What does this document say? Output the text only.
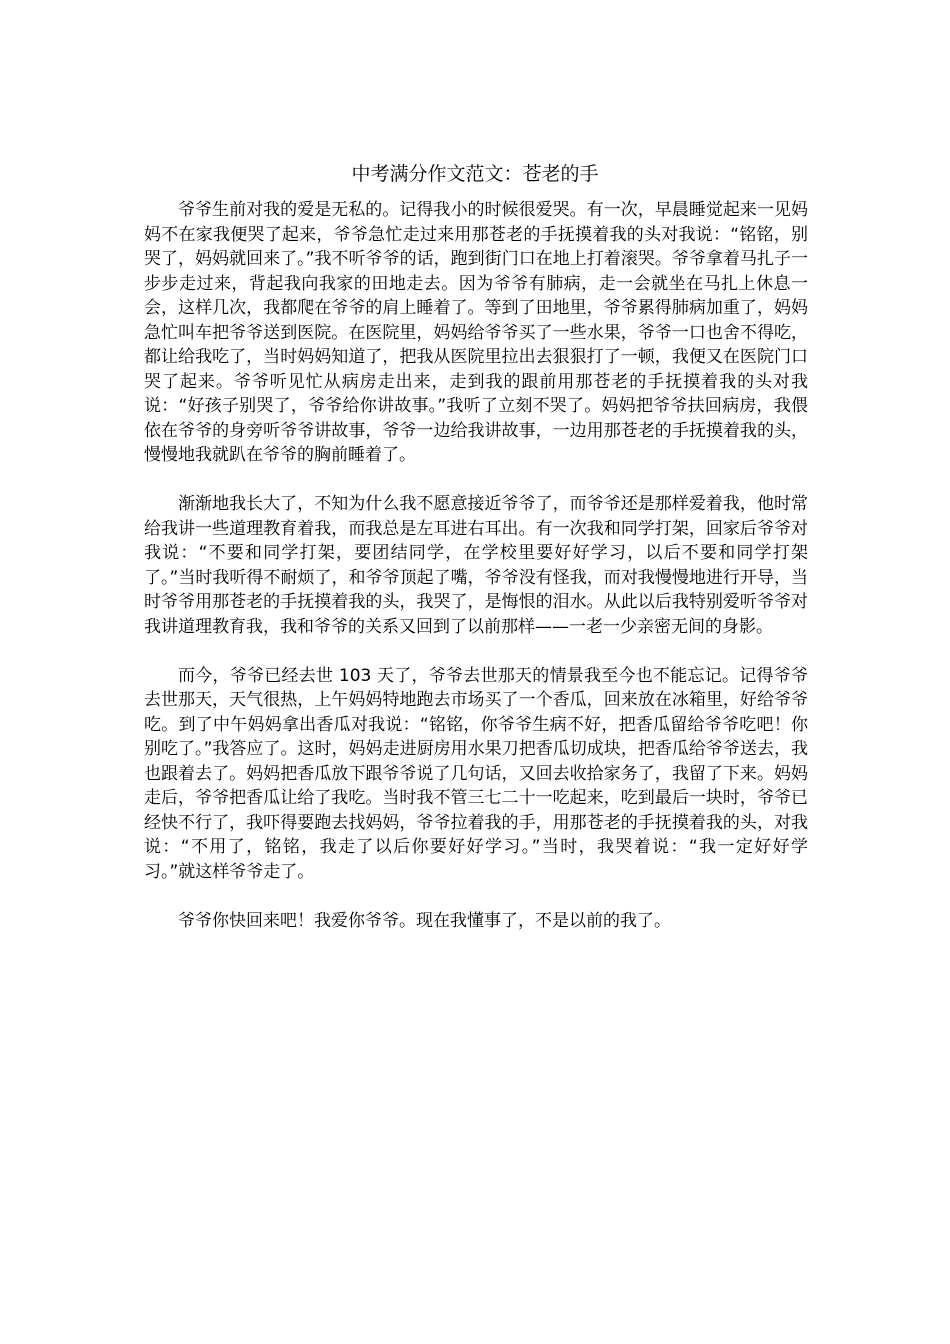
中考满分作文范文：苍老的手

爷爷生前对我的爱是无私的。记得我小的时候很爱哭。有一次，早晨睡觉起来一见妈妈不在家我便哭了起来，爷爷急忙走过来用那苍老的手抚摸着我的头对我说：“铭铭，别哭了，妈妈就回来了。”我不听爷爷的话，跑到街门口在地上打着滚哭。爷爷拿着马扎子一步步走过来，背起我向我家的田地走去。因为爷爷有肺病，走一会就坐在马扎上休息一会，这样几次，我都爬在爷爷的肩上睡着了。等到了田地里，爷爷累得肺病加重了，妈妈急忙叫车把爷爷送到医院。在医院里，妈妈给爷爷买了一些水果，爷爷一口也舍不得吃，都让给我吃了，当时妈妈知道了，把我从医院里拉出去狠狠打了一顿，我便又在医院门口哭了起来。爷爷听见忙从病房走出来，走到我的跟前用那苍老的手抚摸着我的头对我说：“好孩子别哭了，爷爷给你讲故事。”我听了立刻不哭了。妈妈把爷爷扶回病房，我偎依在爷爷的身旁听爷爷讲故事，爷爷一边给我讲故事，一边用那苍老的手抚摸着我的头，慢慢地我就趴在爷爷的胸前睡着了。

渐渐地我长大了，不知为什么我不愿意接近爷爷了，而爷爷还是那样爱着我，他时常给我讲一些道理教育着我，而我总是左耳进右耳出。有一次我和同学打架，回家后爷爷对我说：“不要和同学打架，要团结同学，在学校里要好好学习，以后不要和同学打架了。”当时我听得不耐烦了，和爷爷顶起了嘴，爷爷没有怪我，而对我慢慢地进行开导，当时爷爷用那苍老的手抚摸着我的头，我哭了，是悔恨的泪水。从此以后我特别爱听爷爷对我讲道理教育我，我和爷爷的关系又回到了以前那样——一老一少亲密无间的身影。

而今，爷爷已经去世 103 天了，爷爷去世那天的情景我至今也不能忘记。记得爷爷去世那天，天气很热，上午妈妈特地跑去市场买了一个香瓜，回来放在冰箱里，好给爷爷吃。到了中午妈妈拿出香瓜对我说：“铭铭，你爷爷生病不好，把香瓜留给爷爷吃吧！你别吃了。”我答应了。这时，妈妈走进厨房用水果刀把香瓜切成块，把香瓜给爷爷送去，我也跟着去了。妈妈把香瓜放下跟爷爷说了几句话，又回去收拾家务了，我留了下来。妈妈走后，爷爷把香瓜让给了我吃。当时我不管三七二十一吃起来，吃到最后一块时，爷爷已经快不行了，我吓得要跑去找妈妈，爷爷拉着我的手，用那苍老的手抚摸着我的头，对我说：“不用了，铭铭，我走了以后你要好好学习。”当时，我哭着说：“我一定好好学习。”就这样爷爷走了。

爷爷你快回来吧！我爱你爷爷。现在我懂事了，不是以前的我了。
